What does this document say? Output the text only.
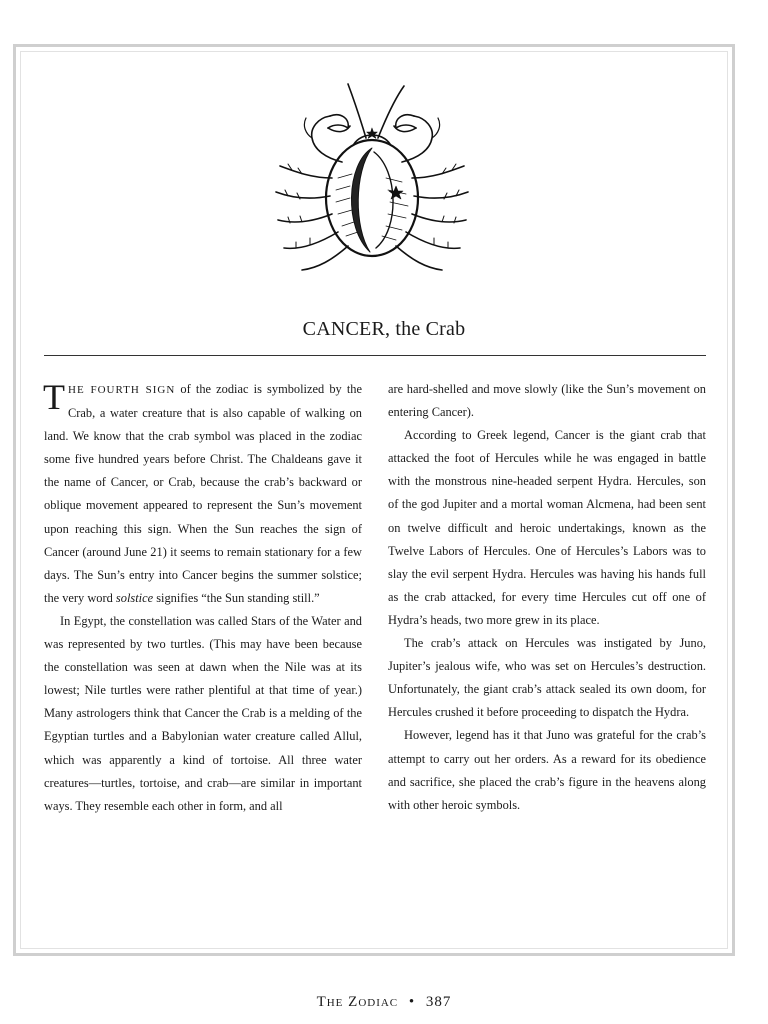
CANCER, the Crab

THE FOURTH SIGN of the zodiac is symbolized by the Crab, a water creature that is also capable of walking on land. We know that the crab symbol was placed in the zodiac some five hundred years before Christ. The Chaldeans gave it the name of Cancer, or Crab, because the crab’s backward or oblique movement appeared to represent the Sun’s movement upon reaching this sign. When the Sun reaches the sign of Cancer (around June 21) it seems to remain stationary for a few days. The Sun’s entry into Cancer begins the summer solstice; the very word solstice signifies “the Sun standing still.”

In Egypt, the constellation was called Stars of the Water and was represented by two turtles. (This may have been because the constellation was seen at dawn when the Nile was at its lowest; Nile turtles were rather plentiful at that time of year.) Many astrologers think that Cancer the Crab is a melding of the Egyptian turtles and a Babylonian water creature called Allul, which was apparently a kind of tortoise. All three water creatures—turtles, tortoise, and crab—are similar in important ways. They resemble each other in form, and all

are hard-shelled and move slowly (like the Sun’s movement on entering Cancer).

According to Greek legend, Cancer is the giant crab that attacked the foot of Hercules while he was engaged in battle with the monstrous nine-headed serpent Hydra. Hercules, son of the god Jupiter and a mortal woman Alcmena, had been sent on twelve difficult and heroic undertakings, known as the Twelve Labors of Hercules. One of Hercules’s Labors was to slay the evil serpent Hydra. Hercules was having his hands full as the crab attacked, for every time Hercules cut off one of Hydra’s heads, two more grew in its place.

The crab’s attack on Hercules was instigated by Juno, Jupiter’s jealous wife, who was set on Hercules’s destruction. Unfortunately, the giant crab’s attack sealed its own doom, for Hercules crushed it before proceeding to dispatch the Hydra.

However, legend has it that Juno was grateful for the crab’s attempt to carry out her orders. As a reward for its obedience and sacrifice, she placed the crab’s figure in the heavens along with other heroic symbols.

The Zodiac • 387
